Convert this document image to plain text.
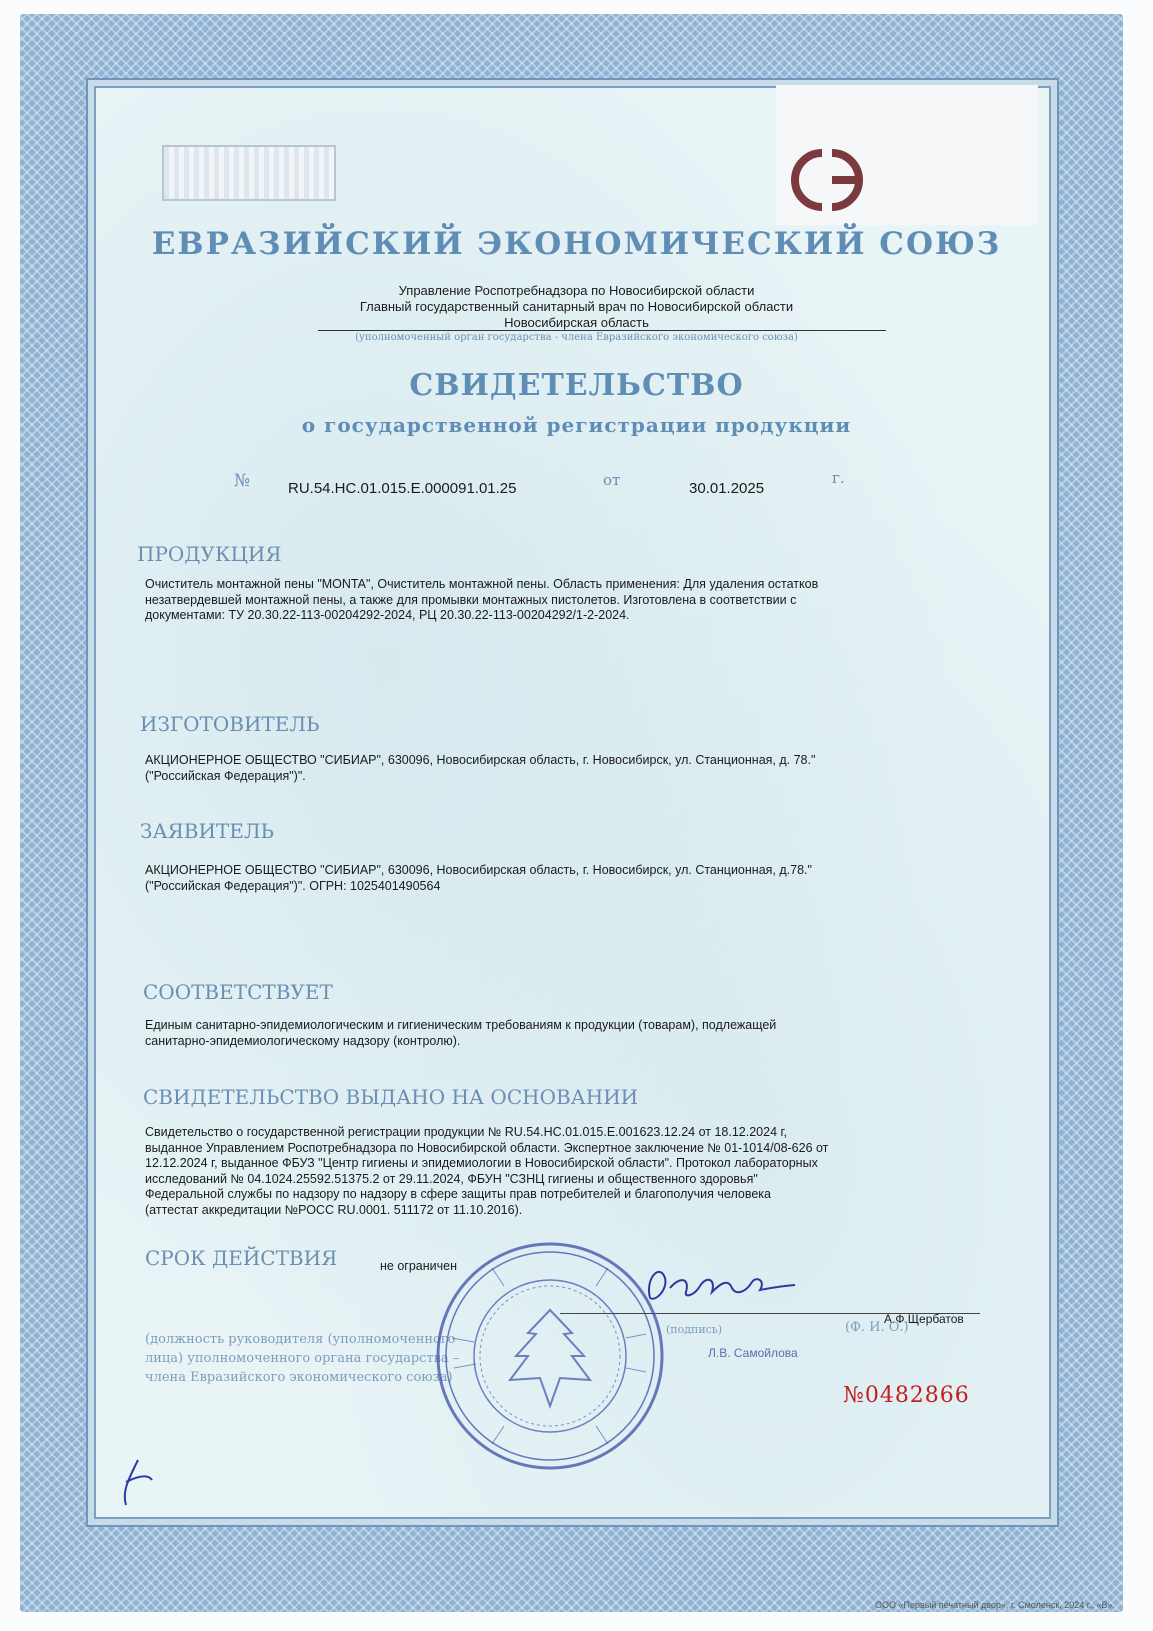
ЕВРАЗИЙСКИЙ ЭКОНОМИЧЕСКИЙ СОЮЗ
Управление Роспотребнадзора по Новосибирской области
Главный государственный санитарный врач по Новосибирской области
Новосибирская область
(уполномоченный орган государства - члена Евразийского экономического союза)
СВИДЕТЕЛЬСТВО
о государственной регистрации продукции
№	RU.54.НС.01.015.Е.000091.01.25	от	30.01.2025
г.
ПРОДУКЦИЯ
Очиститель монтажной пены "MONTA", Очиститель монтажной пены. Область применения: Для удаления остатков
незатвердевшей монтажной пены, а также для промывки монтажных пистолетов. Изготовлена в соответствии с
документами: ТУ 20.30.22-113-00204292-2024, РЦ 20.30.22-113-00204292/1-2-2024.
ИЗГОТОВИТЕЛЬ
АКЦИОНЕРНОЕ ОБЩЕСТВО "СИБИАР", 630096, Новосибирская область, г. Новосибирск, ул. Станционная, д. 78."
("Российская Федерация")".
ЗАЯВИТЕЛЬ
АКЦИОНЕРНОЕ ОБЩЕСТВО "СИБИАР", 630096, Новосибирская область, г. Новосибирск, ул. Станционная, д.78."
("Российская Федерация")". ОГРН: 1025401490564
СООТВЕТСТВУЕТ
Единым санитарно-эпидемиологическим и гигиеническим требованиям к продукции (товарам), подлежащей
санитарно-эпидемиологическому надзору (контролю).
СВИДЕТЕЛЬСТВО ВЫДАНО НА ОСНОВАНИИ
Свидетельство о государственной регистрации продукции № RU.54.НС.01.015.Е.001623.12.24 от 18.12.2024 г,
выданное Управлением Роспотребнадзора по Новосибирской области. Экспертное заключение № 01-1014/08-626 от
12.12.2024 г, выданное ФБУЗ "Центр гигиены и эпидемиологии в Новосибирской области". Протокол лабораторных
исследований № 04.1024.25592.51375.2 от 29.11.2024, ФБУН "СЗНЦ гигиены и общественного здоровья"
Федеральной службы по надзору по надзору в сфере защиты прав потребителей и благополучия человека
(аттестат аккредитации №РОСС RU.0001. 511172 от 11.10.2016).
СРОК ДЕЙСТВИЯ	не ограничен
А.Ф.Щербатов
(должность руководителя (уполномоченного
лица) уполномоченного органа государства –
члена Евразийского экономического союза)
(подпись)	(Ф. И. О.)
Л.В. Самойлова
№0482866
ООО «Первый печатный двор», г. Смоленск, 2024 г., «В».
